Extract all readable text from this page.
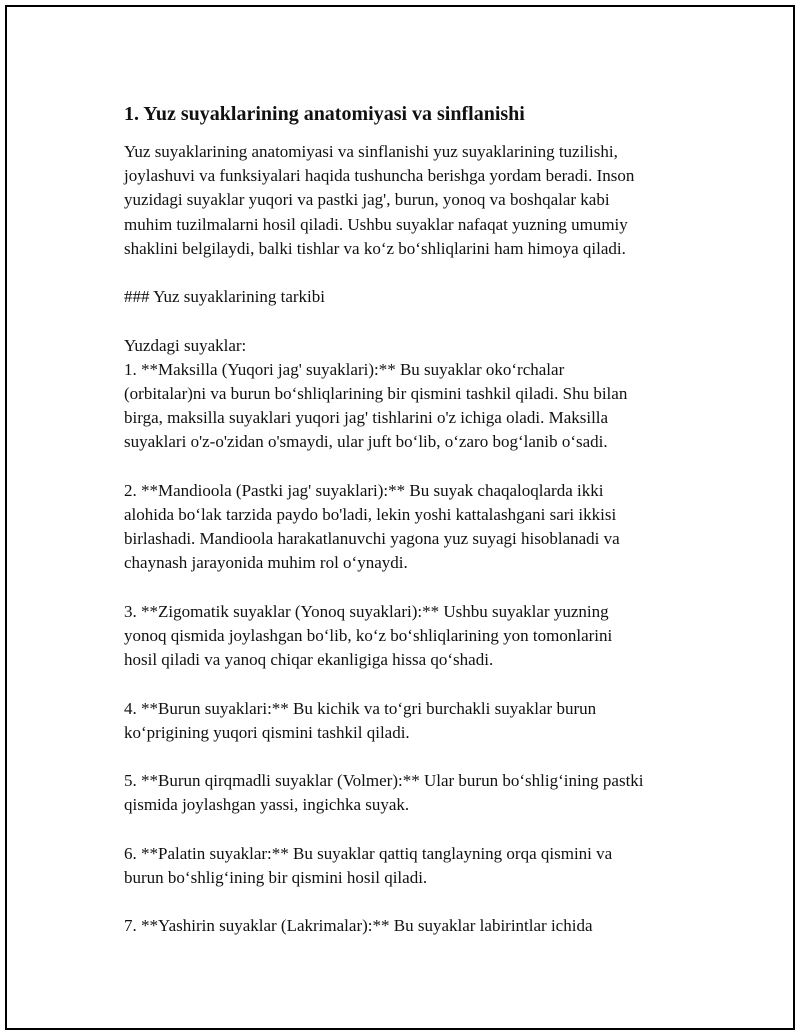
1. Yuz suyaklarining anatomiyasi va sinflanishi

Yuz suyaklarining anatomiyasi va sinflanishi yuz suyaklarining tuzilishi,
joylashuvi va funksiyalari haqida tushuncha berishga yordam beradi. Inson
yuzidagi suyaklar yuqori va pastki jag', burun, yonoq va boshqalar kabi
muhim tuzilmalarni hosil qiladi. Ushbu suyaklar nafaqat yuzning umumiy
shaklini belgilaydi, balki tishlar va koʻz boʻshliqlarini ham himoya qiladi.

### Yuz suyaklarining tarkibi

Yuzdagi suyaklar:
1. **Maksilla (Yuqori jag' suyaklari):** Bu suyaklar okoʻrchalar
(orbitalar)ni va burun boʻshliqlarining bir qismini tashkil qiladi. Shu bilan
birga, maksilla suyaklari yuqori jag' tishlarini o'z ichiga oladi. Maksilla
suyaklari o'z-o'zidan o'smaydi, ular juft boʻlib, oʻzaro bogʻlanib oʻsadi.

2. **Mandioola (Pastki jag' suyaklari):** Bu suyak chaqaloqlarda ikki
alohida boʻlak tarzida paydo bo'ladi, lekin yoshi kattalashgani sari ikkisi
birlashadi. Mandioola harakatlanuvchi yagona yuz suyagi hisoblanadi va
chaynash jarayonida muhim rol oʻynaydi.

3. **Zigomatik suyaklar (Yonoq suyaklari):** Ushbu suyaklar yuzning
yonoq qismida joylashgan boʻlib, koʻz boʻshliqlarining yon tomonlarini
hosil qiladi va yanoq chiqar ekanligiga hissa qoʻshadi.

4. **Burun suyaklari:** Bu kichik va toʻgri burchakli suyaklar burun
koʻprigining yuqori qismini tashkil qiladi.

5. **Burun qirqmadli suyaklar (Volmer):** Ular burun boʻshligʻining pastki
qismida joylashgan yassi, ingichka suyak.

6. **Palatin suyaklar:** Bu suyaklar qattiq tanglayning orqa qismini va
burun boʻshligʻining bir qismini hosil qiladi.

7. **Yashirin suyaklar (Lakrimalar):** Bu suyaklar labirintlar ichida
